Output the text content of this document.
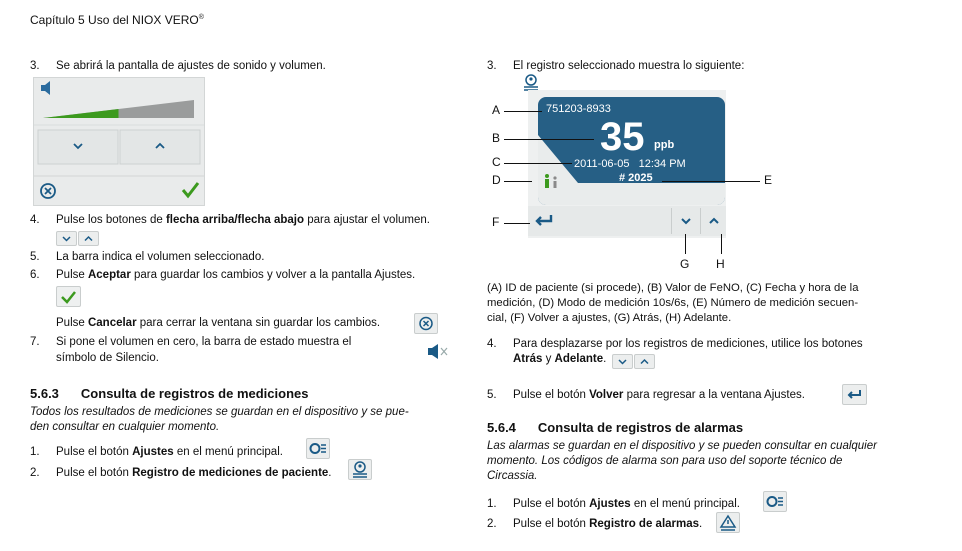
Capítulo 5 Uso del NIOX VERO®
3. Se abrirá la pantalla de ajustes de sonido y volumen.
4. Pulse los botones de flecha arriba/flecha abajo para ajustar el volumen.
5. La barra indica el volumen seleccionado.
6. Pulse Aceptar para guardar los cambios y volver a la pantalla Ajustes.
Pulse Cancelar para cerrar la ventana sin guardar los cambios.
7. Si pone el volumen en cero, la barra de estado muestra el
símbolo de Silencio.
5.6.3 Consulta de registros de mediciones
Todos los resultados de mediciones se guardan en el dispositivo y se pue-
den consultar en cualquier momento.
1. Pulse el botón Ajustes en el menú principal.
2. Pulse el botón Registro de mediciones de paciente.
3. El registro seleccionado muestra lo siguiente:
751203-8933
35 ppb
2011-06-05 12:34 PM
# 2025
A
B
C
D	E
F
G H
(A) ID de paciente (si procede), (B) Valor de FeNO, (C) Fecha y hora de la
medición, (D) Modo de medición 10s/6s, (E) Número de medición secuen-
cial, (F) Volver a ajustes, (G) Atrás, (H) Adelante.
4. Para desplazarse por los registros de mediciones, utilice los botones
Atrás y Adelante.
5. Pulse el botón Volver para regresar a la ventana Ajustes.
5.6.4 Consulta de registros de alarmas
Las alarmas se guardan en el dispositivo y se pueden consultar en cualquier
momento. Los códigos de alarma son para uso del soporte técnico de
Circassia.
1. Pulse el botón Ajustes en el menú principal.
2. Pulse el botón Registro de alarmas.
